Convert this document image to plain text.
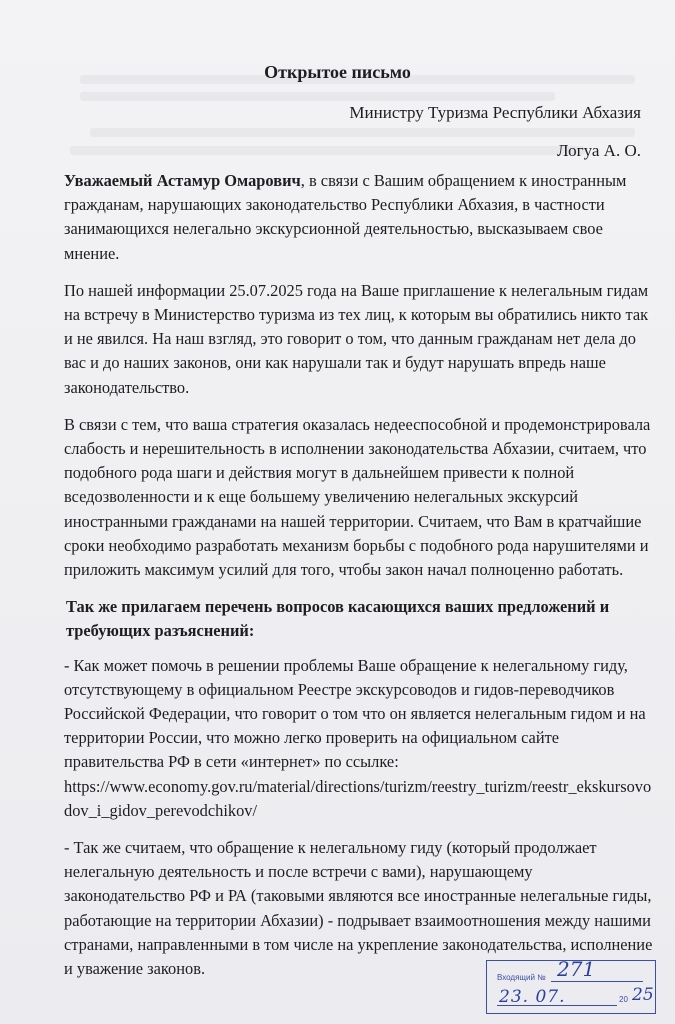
Открытое письмо
Министру Туризма Республики Абхазия
Логуа А. О.

Уважаемый Астамур Омарович, в связи с Вашим обращением к иностранным гражданам, нарушающих законодательство Республики Абхазия, в частности занимающихся нелегально экскурсионной деятельностью, высказываем свое мнение.

По нашей информации 25.07.2025 года на Ваше приглашение к нелегальным гидам на встречу в Министерство туризма из тех лиц, к которым вы обратились никто так и не явился. На наш взгляд, это говорит о том, что данным гражданам нет дела до вас и до наших законов, они как нарушали так и будут нарушать впредь наше законодательство.

В связи с тем, что ваша стратегия оказалась недееспособной и продемонстрировала слабость и нерешительность в исполнении законодательства Абхазии, считаем, что подобного рода шаги и действия могут в дальнейшем привести к полной вседозволенности и к еще большему увеличению нелегальных экскурсий иностранными гражданами на нашей территории. Считаем, что Вам в кратчайшие сроки необходимо разработать механизм борьбы с подобного рода нарушителями и приложить максимум усилий для того, чтобы закон начал полноценно работать.

Так же прилагаем перечень вопросов касающихся ваших предложений и требующих разъяснений:

- Как может помочь в решении проблемы Ваше обращение к нелегальному гиду, отсутствующему в официальном Реестре экскурсоводов и гидов-переводчиков Российской Федерации, что говорит о том что он является нелегальным гидом и на территории России, что можно легко проверить на официальном сайте правительства РФ в сети «интернет» по ссылке:
https://www.economy.gov.ru/material/directions/turizm/reestry_turizm/reestr_ekskursovodov_i_gidov_perevodchikov/

- Так же считаем, что обращение к нелегальному гиду (который продолжает нелегальную деятельность и после встречи с вами), нарушающему законодательство РФ и РА (таковыми являются все иностранные нелегальные гиды, работающие на территории Абхазии) - подрывает взаимоотношения между нашими странами, направленными в том числе на укрепление законодательства, исполнение и уважение законов.	Входящий № 271
23. 07.	20 25
